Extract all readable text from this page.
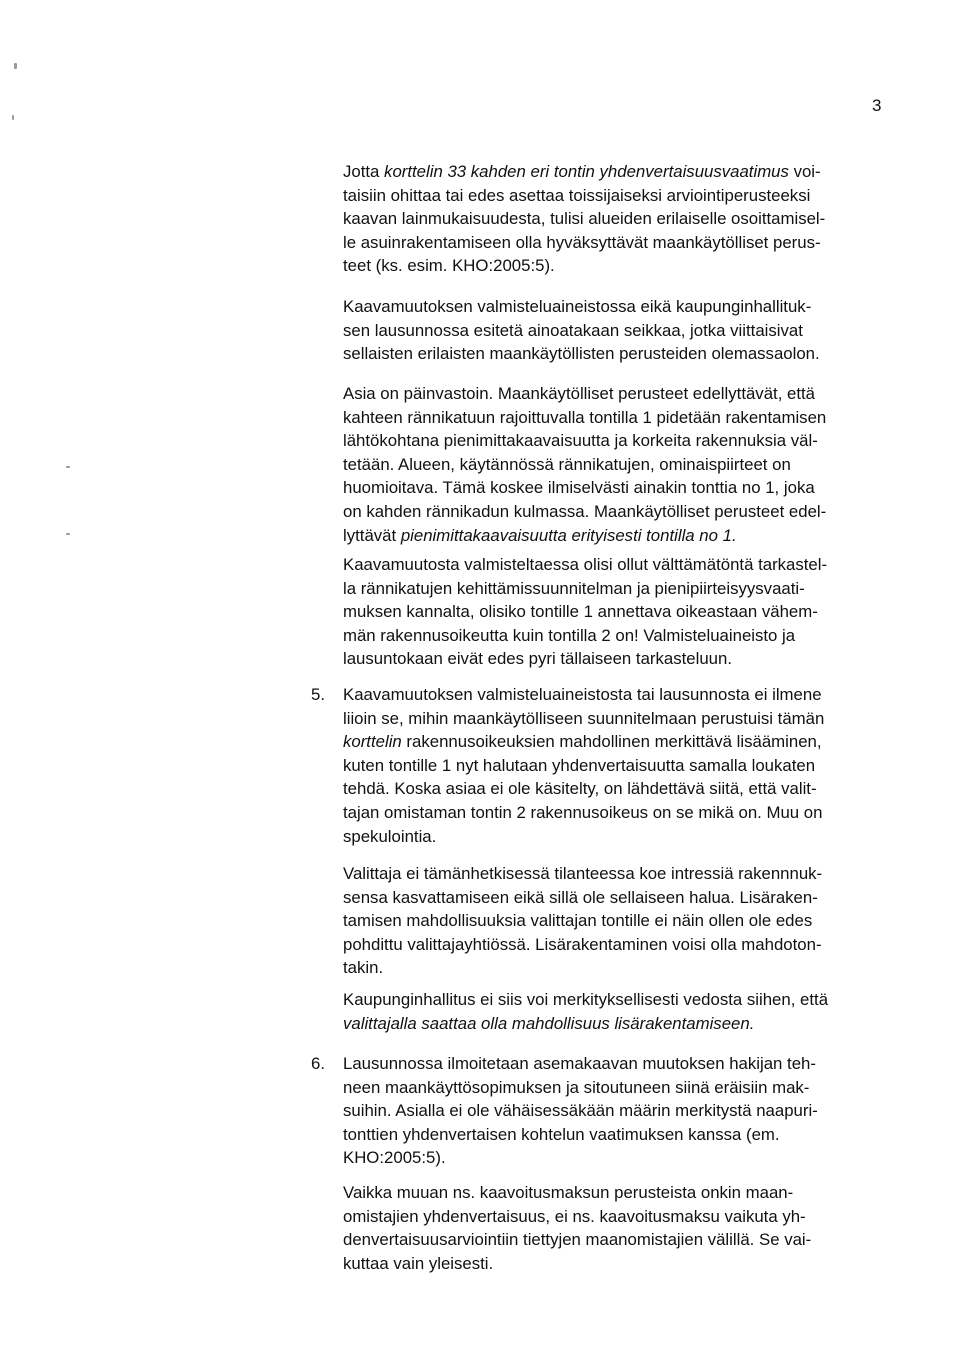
3
Jotta korttelin 33 kahden eri tontin yhdenvertaisuusvaatimus voi-
taisiin ohittaa tai edes asettaa toissijaiseksi arviointiperusteeksi
kaavan lainmukaisuudesta, tulisi alueiden erilaiselle osoittamisel-
le asuinrakentamiseen olla hyväksyttävät maankäytölliset perus-
teet (ks. esim. KHO:2005:5).
Kaavamuutoksen valmisteluaineistossa eikä kaupunginhallituk-
sen lausunnossa esitetä ainoatakaan seikkaa, jotka viittaisivat
sellaisten erilaisten maankäytöllisten perusteiden olemassaolon.
Asia on päinvastoin. Maankäytölliset perusteet edellyttävät, että
kahteen rännikatuun rajoittuvalla tontilla 1 pidetään rakentamisen
lähtökohtana pienimittakaavaisuutta ja korkeita rakennuksia väl-
tetään. Alueen, käytännössä rännikatujen, ominaispiirteet on
huomioitava. Tämä koskee ilmiselvästi ainakin tonttia no 1, joka
on kahden rännikadun kulmassa. Maankäytölliset perusteet edel-
lyttävät pienimittakaavaisuutta erityisesti tontilla no 1.
Kaavamuutosta valmisteltaessa olisi ollut välttämätöntä tarkastel-
la rännikatujen kehittämissuunnitelman ja pienipiirteisyysvaati-
muksen kannalta, olisiko tontille 1 annettava oikeastaan vähem-
män rakennusoikeutta kuin tontilla 2 on! Valmisteluaineisto ja
lausuntokaan eivät edes pyri tällaiseen tarkasteluun.
5. Kaavamuutoksen valmisteluaineistosta tai lausunnosta ei ilmene
liioin se, mihin maankäytölliseen suunnitelmaan perustuisi tämän
korttelin rakennusoikeuksien mahdollinen merkittävä lisääminen,
kuten tontille 1 nyt halutaan yhdenvertaisuutta samalla loukaten
tehdä. Koska asiaa ei ole käsitelty, on lähdettävä siitä, että valit-
tajan omistaman tontin 2 rakennusoikeus on se mikä on. Muu on
spekulointia.
Valittaja ei tämänhetkisessä tilanteessa koe intressiä rakennnuk-
sensa kasvattamiseen eikä sillä ole sellaiseen halua. Lisäraken-
tamisen mahdollisuuksia valittajan tontille ei näin ollen ole edes
pohdittu valittajayhtiössä. Lisärakentaminen voisi olla mahdoton-
takin.
Kaupunginhallitus ei siis voi merkityksellisesti vedosta siihen, että
valittajalla saattaa olla mahdollisuus lisärakentamiseen.
6. Lausunnossa ilmoitetaan asemakaavan muutoksen hakijan teh-
neen maankäyttösopimuksen ja sitoutuneen siinä eräisiin mak-
suihin. Asialla ei ole vähäisessäkään määrin merkitystä naapuri-
tonttien yhdenvertaisen kohtelun vaatimuksen kanssa (em.
KHO:2005:5).
Vaikka muuan ns. kaavoitusmaksun perusteista onkin maan-
omistajien yhdenvertaisuus, ei ns. kaavoitusmaksu vaikuta yh-
denvertaisuusarviointiin tiettyjen maanomistajien välillä. Se vai-
kuttaa vain yleisesti.
